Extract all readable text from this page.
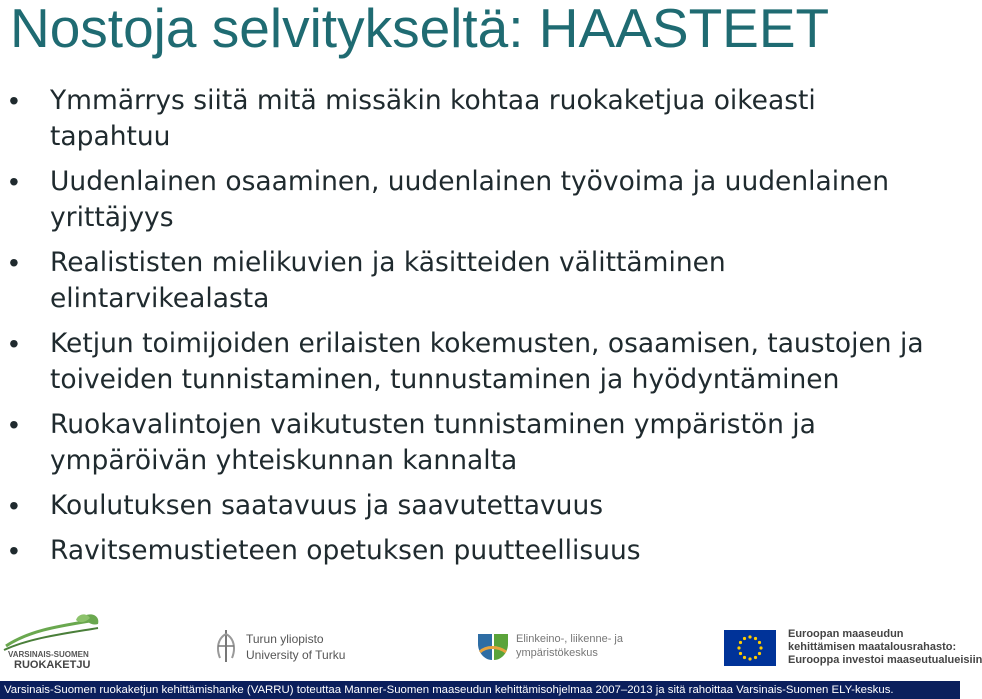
Nostoja selvitykseltä: HAASTEET
• Ymmärrys siitä mitä missäkin kohtaa ruokaketjua oikeasti tapahtuu
• Uudenlainen osaaminen, uudenlainen työvoima ja uudenlainen yrittäjyys
• Realististen mielikuvien ja käsitteiden välittäminen elintarvikealasta
• Ketjun toimijoiden erilaisten kokemusten, osaamisen, taustojen ja toiveiden tunnistaminen, tunnustaminen ja hyödyntäminen
• Ruokavalintojen vaikutusten tunnistaminen ympäristön ja ympäröivän yhteiskunnan kannalta
• Koulutuksen saatavuus ja saavutettavuus
• Ravitsemustieteen opetuksen puutteellisuus
VARSINAIS-SUOMEN
RUOKAKETJU
Turun yliopisto
University of Turku
Elinkeino-, liikenne- ja
ympäristökeskus
Euroopan maaseudun
kehittämisen maatalousrahasto:
Eurooppa investoi maaseutualueisiin
Varsinais-Suomen ruokaketjun kehittämishanke (VARRU) toteuttaa Manner-Suomen maaseudun kehittämisohjelmaa 2007–2013 ja sitä rahoittaa Varsinais-Suomen ELY-keskus.
